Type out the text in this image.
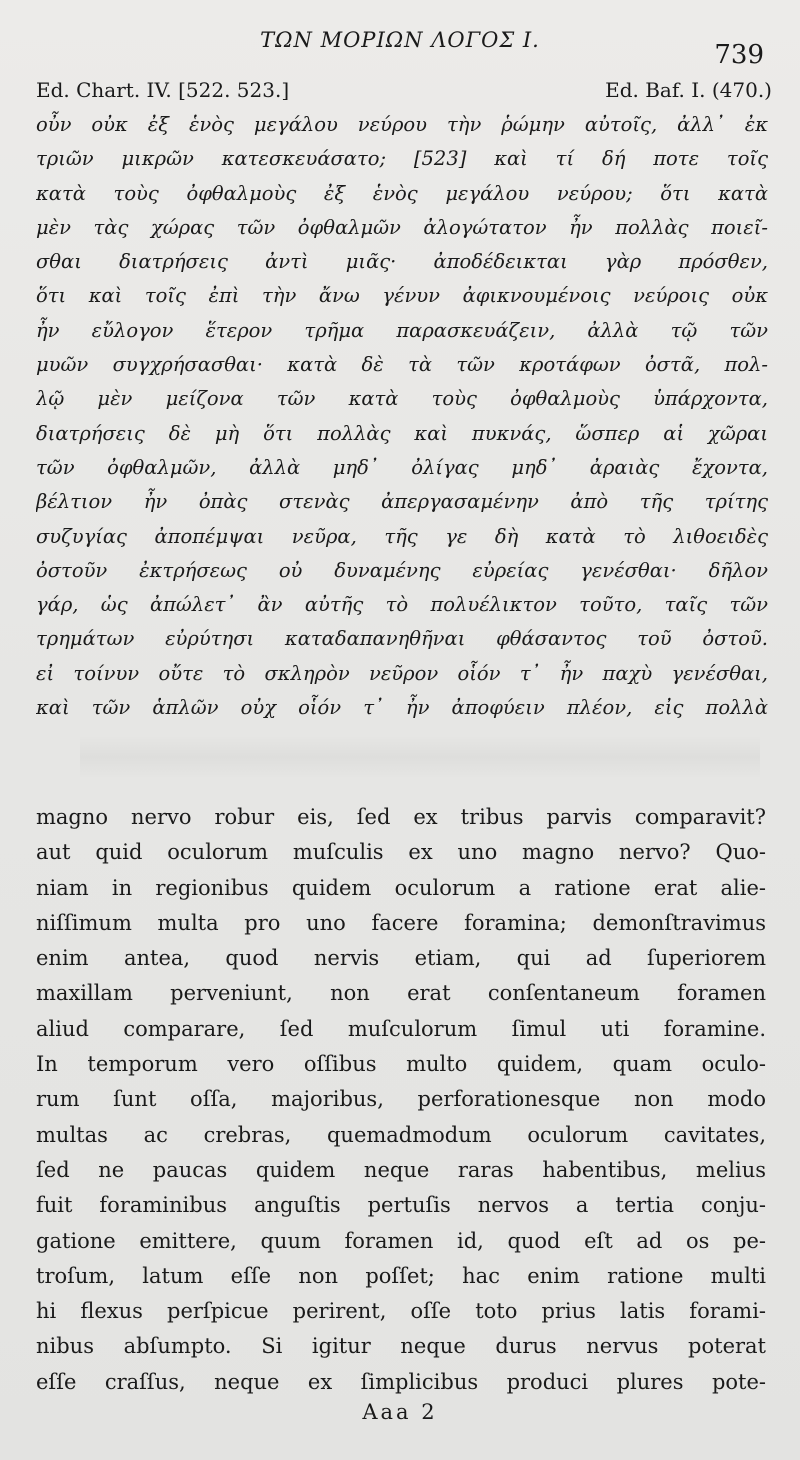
ΤΩΝ ΜΟΡΙΩΝ ΛΟΓΟΣ Ι.	739
Ed. Chart. IV. [522. 523.]	Ed. Baf. I. (470.)
οὖν οὐκ ἐξ ἑνὸς μεγάλου νεύρου τὴν ῥώμην αὐτοῖς, ἀλλ᾽ ἐκ
τριῶν μικρῶν κατεσκευάσατο; [523] καὶ τί δή ποτε τοῖς
κατὰ τοὺς ὀφθαλμοὺς ἐξ ἑνὸς μεγάλου νεύρου; ὅτι κατὰ
μὲν τὰς χώρας τῶν ὀφθαλμῶν ἀλογώτατον ἦν πολλὰς ποιεῖ-
σθαι διατρήσεις ἀντὶ μιᾶς· ἀποδέδεικται γὰρ πρόσθεν,
ὅτι καὶ τοῖς ἐπὶ τὴν ἄνω γένυν ἀφικνουμένοις νεύροις οὐκ
ἦν εὔλογον ἕτερον τρῆμα παρασκευάζειν, ἀλλὰ τῷ τῶν
μυῶν συγχρήσασθαι· κατὰ δὲ τὰ τῶν κροτάφων ὀστᾶ, πολ-
λῷ μὲν μείζονα τῶν κατὰ τοὺς ὀφθαλμοὺς ὑπάρχοντα,
διατρήσεις δὲ μὴ ὅτι πολλὰς καὶ πυκνάς, ὥσπερ αἱ χῶραι
τῶν ὀφθαλμῶν, ἀλλὰ μηδ᾽ ὀλίγας μηδ᾽ ἀραιὰς ἔχοντα,
βέλτιον ἦν ὀπὰς στενὰς ἀπεργασαμένην ἀπὸ τῆς τρίτης
συζυγίας ἀποπέμψαι νεῦρα, τῆς γε δὴ κατὰ τὸ λιθοειδὲς
ὀστοῦν ἐκτρήσεως οὐ δυναμένης εὐρείας γενέσθαι· δῆλον
γάρ, ὡς ἀπώλετ᾽ ἂν αὐτῆς τὸ πολυέλικτον τοῦτο, ταῖς τῶν
τρημάτων εὐρύτησι καταδαπανηθῆναι φθάσαντος τοῦ ὀστοῦ.
εἰ τοίνυν οὔτε τὸ σκληρὸν νεῦρον οἷόν τ᾽ ἦν παχὺ γενέσθαι,
καὶ τῶν ἁπλῶν οὐχ οἷόν τ᾽ ἦν ἀποφύειν πλέον, εἰς πολλὰ
magno nervo robur eis, ſed ex tribus parvis comparavit?
aut quid oculorum muſculis ex uno magno nervo? Quo-
niam in regionibus quidem oculorum a ratione erat alie-
niſſimum multa pro uno facere foramina; demonſtravimus
enim antea, quod nervis etiam, qui ad ſuperiorem
maxillam perveniunt, non erat conſentaneum foramen
aliud comparare, ſed muſculorum ſimul uti foramine.
In temporum vero oſſibus multo quidem, quam oculo-
rum ſunt oſſa, majoribus, perforationesque non modo
multas ac crebras, quemadmodum oculorum cavitates,
ſed ne paucas quidem neque raras habentibus, melius
fuit foraminibus anguſtis pertuſis nervos a tertia conju-
gatione emittere, quum foramen id, quod eſt ad os pe-
troſum, latum eſſe non poſſet; hac enim ratione multi
hi flexus perſpicue perirent, oſſe toto prius latis forami-
nibus abſumpto. Si igitur neque durus nervus poterat
eſſe craſſus, neque ex ſimplicibus produci plures pote-
Aaa 2
